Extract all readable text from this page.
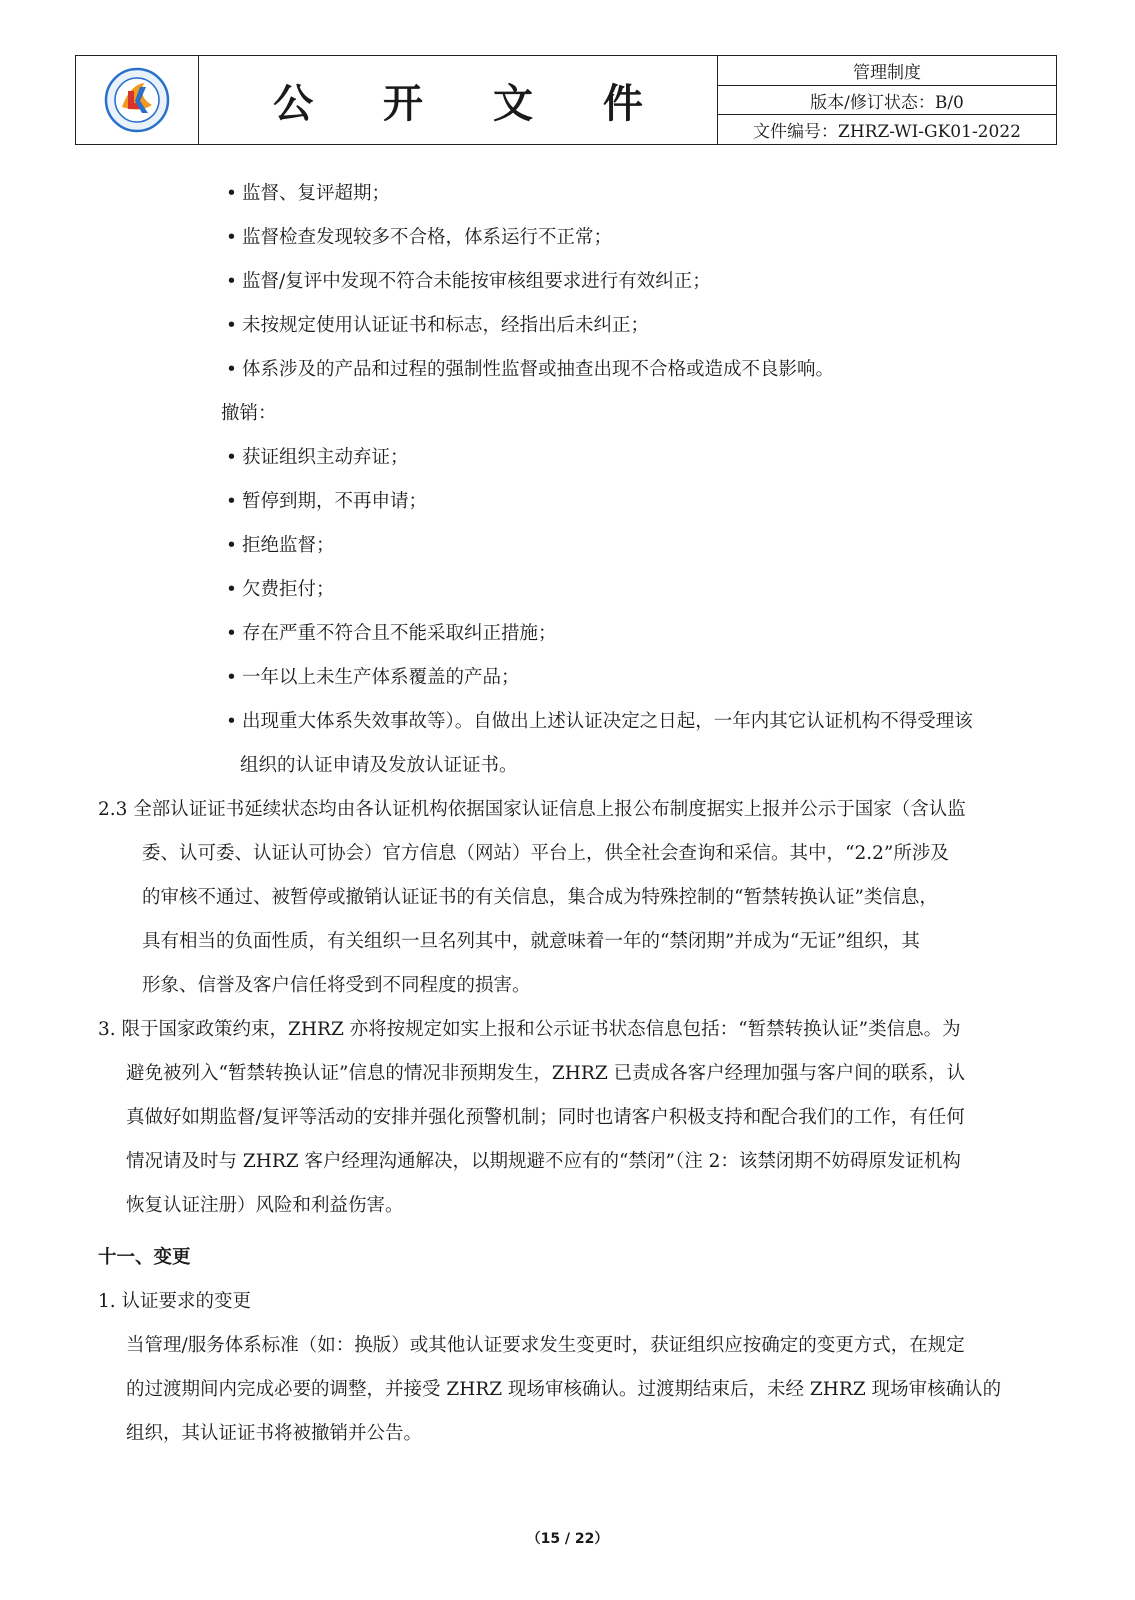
公 开 文 件
管理制度
版本/修订状态：B/0
文件编号：ZHRZ-WI-GK01-2022
• 监督、复评超期；
• 监督检查发现较多不合格，体系运行不正常；
• 监督/复评中发现不符合未能按审核组要求进行有效纠正；
• 未按规定使用认证证书和标志，经指出后未纠正；
• 体系涉及的产品和过程的强制性监督或抽查出现不合格或造成不良影响。
撤销：
• 获证组织主动弃证；
• 暂停到期，不再申请；
• 拒绝监督；
• 欠费拒付；
• 存在严重不符合且不能采取纠正措施；
• 一年以上未生产体系覆盖的产品；
• 出现重大体系失效事故等）。自做出上述认证决定之日起，一年内其它认证机构不得受理该
组织的认证申请及发放认证证书。
2.3 全部认证证书延续状态均由各认证机构依据国家认证信息上报公布制度据实上报并公示于国家（含认监
委、认可委、认证认可协会）官方信息（网站）平台上，供全社会查询和采信。其中，“2.2”所涉及
的审核不通过、被暂停或撤销认证证书的有关信息，集合成为特殊控制的“暂禁转换认证”类信息，
具有相当的负面性质，有关组织一旦名列其中，就意味着一年的“禁闭期”并成为“无证”组织，其
形象、信誉及客户信任将受到不同程度的损害。
3. 限于国家政策约束，ZHRZ 亦将按规定如实上报和公示证书状态信息包括：“暂禁转换认证”类信息。为
避免被列入“暂禁转换认证”信息的情况非预期发生，ZHRZ 已责成各客户经理加强与客户间的联系，认
真做好如期监督/复评等活动的安排并强化预警机制；同时也请客户积极支持和配合我们的工作，有任何
情况请及时与 ZHRZ 客户经理沟通解决，以期规避不应有的“禁闭”（注 2：该禁闭期不妨碍原发证机构
恢复认证注册）风险和利益伤害。
十一、变更
1. 认证要求的变更
当管理/服务体系标准（如：换版）或其他认证要求发生变更时，获证组织应按确定的变更方式，在规定
的过渡期间内完成必要的调整，并接受 ZHRZ 现场审核确认。过渡期结束后，未经 ZHRZ 现场审核确认的
组织，其认证证书将被撤销并公告。
（15 / 22）
